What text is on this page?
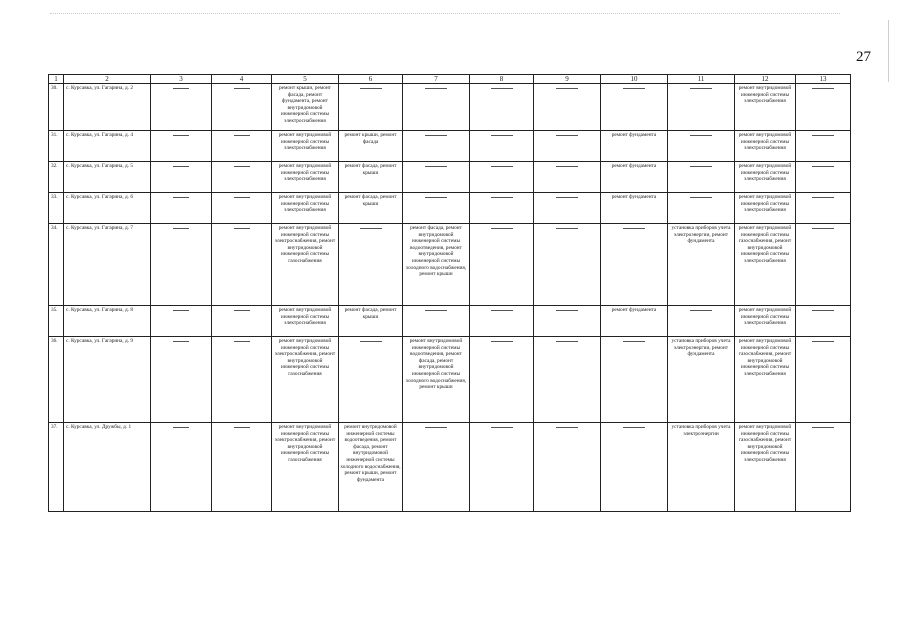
27
1	2	3	4	5	6	7	8	9	10	11	12	13
30.	с. Курсавка, ул. Гагарина, д. 2			ремонт крыши, ремонт фасада, ремонт фундамента, ремонт внутридомовой инженерной системы электроснабжения							ремонт внутридомовой инженерной системы электроснабжения	

31.	с. Курсавка, ул. Гагарина, д. 4			ремонт внутридомовой инженерной системы электроснабжения	ремонт крыши, ремонт фасада				ремонт фундамента		ремонт внутридомовой инженерной системы электроснабжения	

32.	с. Курсавка, ул. Гагарина, д. 5			ремонт внутридомовой инженерной системы электроснабжения	ремонт фасада, ремонт крыши				ремонт фундамента		ремонт внутридомовой инженерной системы электроснабжения	

33.	с. Курсавка, ул. Гагарина, д. 6			ремонт внутридомовой инженерной системы электроснабжения	ремонт фасада, ремонт крыши				ремонт фундамента		ремонт внутридомовой инженерной системы электроснабжения	

34.	с. Курсавка, ул. Гагарина, д. 7			ремонт внутридомовой инженерной системы электроснабжения, ремонт внутридомовой инженерной системы газоснабжения		ремонт фасада, ремонт внутридомовой инженерной системы водоотведения, ремонт внутридомовой инженерной системы холодного водоснабжения, ремонт крыши				установка приборов учета электроэнергии, ремонт фундамента	ремонт внутридомовой инженерной системы газоснабжения, ремонт внутридомовой инженерной системы электроснабжения	

35.	с. Курсавка, ул. Гагарина, д. 8			ремонт внутридомовой инженерной системы электроснабжения	ремонт фасада, ремонт крыши				ремонт фундамента		ремонт внутридомовой инженерной системы электроснабжения	

36.	с. Курсавка, ул. Гагарина, д. 9			ремонт внутридомовой инженерной системы электроснабжения, ремонт внутридомовой инженерной системы газоснабжения		ремонт внутридомовой инженерной системы водоотведения, ремонт фасада, ремонт внутридомовой инженерной системы холодного водоснабжения, ремонт крыши				установка приборов учета электроэнергии, ремонт фундамента	ремонт внутридомовой инженерной системы газоснабжения, ремонт внутридомовой инженерной системы электроснабжения	

37.	с. Курсавка, ул. Дружбы, д. 1			ремонт внутридомовой инженерной системы электроснабжения, ремонт внутридомовой инженерной системы газоснабжения	ремонт внутридомовой инженерной системы водоотведения, ремонт фасада, ремонт внутридомовой инженерной системы холодного водоснабжения, ремонт крыши, ремонт фундамента					установка приборов учета электроэнергии	ремонт внутридомовой инженерной системы газоснабжения, ремонт внутридомовой инженерной системы электроснабжения	
